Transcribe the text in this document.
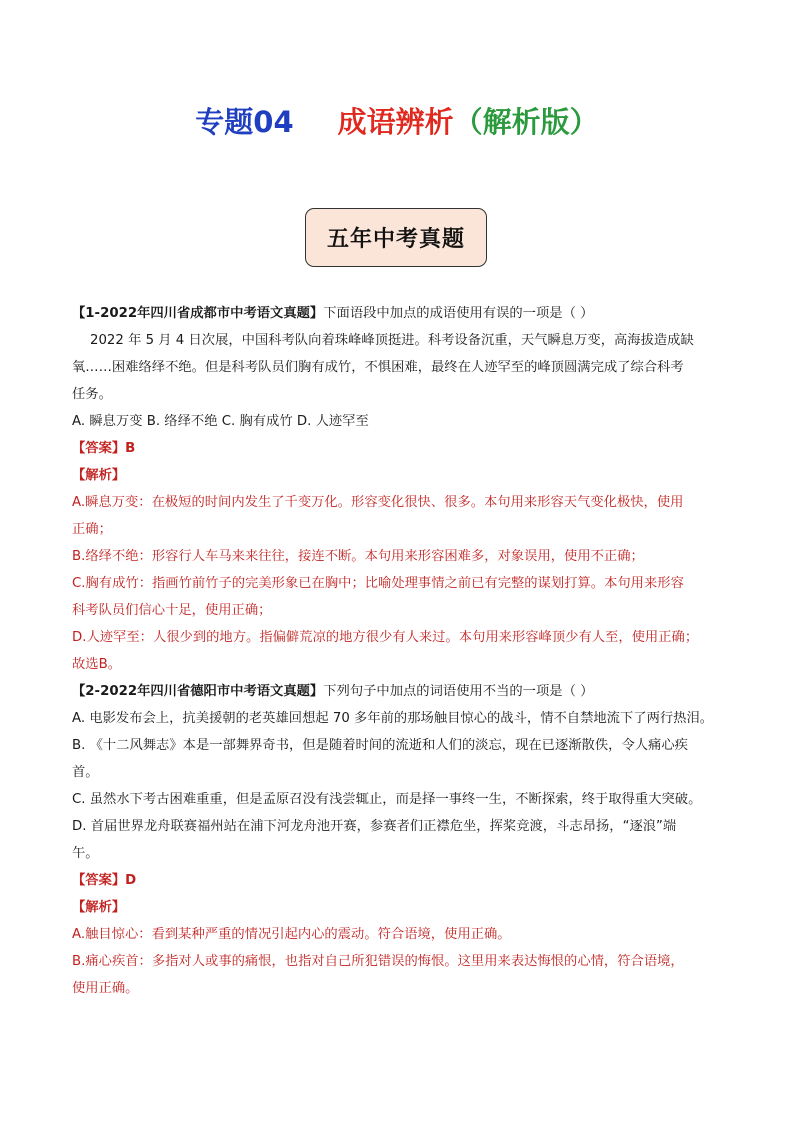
专题04 成语辨析（解析版）
五年中考真题
【1-2022年四川省成都市中考语文真题】下面语段中加点的成语使用有误的一项是（ ）
2022 年 5 月 4 日次展，中国科考队向着珠峰峰顶挺进。科考设备沉重，天气瞬息万变，高海拔造成缺
氧……困难络绎不绝。但是科考队员们胸有成竹，不惧困难，最终在人迹罕至的峰顶圆满完成了综合科考
任务。
A. 瞬息万变 B. 络绎不绝 C. 胸有成竹 D. 人迹罕至
【答案】B
【解析】
A.瞬息万变：在极短的时间内发生了千变万化。形容变化很快、很多。本句用来形容天气变化极快，使用
正确；
B.络绎不绝：形容行人车马来来往往，接连不断。本句用来形容困难多，对象误用，使用不正确；
C.胸有成竹：指画竹前竹子的完美形象已在胸中；比喻处理事情之前已有完整的谋划打算。本句用来形容
科考队员们信心十足，使用正确；
D.人迹罕至：人很少到的地方。指偏僻荒凉的地方很少有人来过。本句用来形容峰顶少有人至，使用正确；
故选B。
【2-2022年四川省德阳市中考语文真题】下列句子中加点的词语使用不当的一项是（ ）
A. 电影发布会上，抗美援朝的老英雄回想起 70 多年前的那场触目惊心的战斗，情不自禁地流下了两行热泪。
B. 《十二风舞志》本是一部舞界奇书，但是随着时间的流逝和人们的淡忘，现在已逐渐散佚，令人痛心疾
首。
C. 虽然水下考古困难重重，但是孟原召没有浅尝辄止，而是择一事终一生，不断探索，终于取得重大突破。
D. 首届世界龙舟联赛福州站在浦下河龙舟池开赛，参赛者们正襟危坐，挥桨竞渡，斗志昂扬，“逐浪”端
午。
【答案】D
【解析】
A.触目惊心：看到某种严重的情况引起内心的震动。符合语境，使用正确。
B.痛心疾首：多指对人或事的痛恨，也指对自己所犯错误的悔恨。这里用来表达悔恨的心情，符合语境，
使用正确。
